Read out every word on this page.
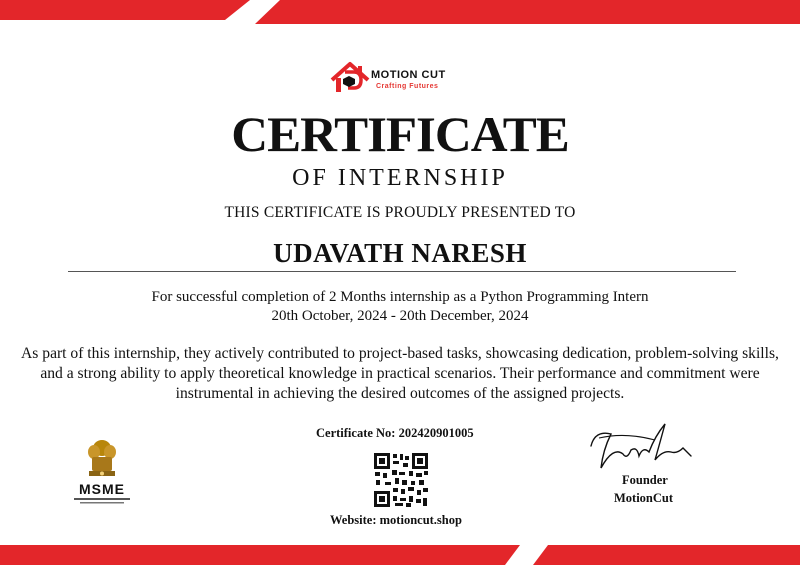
MOTION CUT
Crafting Futures
CERTIFICATE
OF INTERNSHIP
THIS CERTIFICATE IS PROUDLY PRESENTED TO
UDAVATH NARESH
For successful completion of 2 Months internship as a Python Programming Intern
20th October, 2024 - 20th December, 2024
As part of this internship, they actively contributed to project-based tasks, showcasing dedication, problem-solving skills, and a strong ability to apply theoretical knowledge in practical scenarios. Their performance and commitment were instrumental in achieving the desired outcomes of the assigned projects.
MSME
Certificate No: 202420901005
Website: motioncut.shop
Founder
MotionCut
